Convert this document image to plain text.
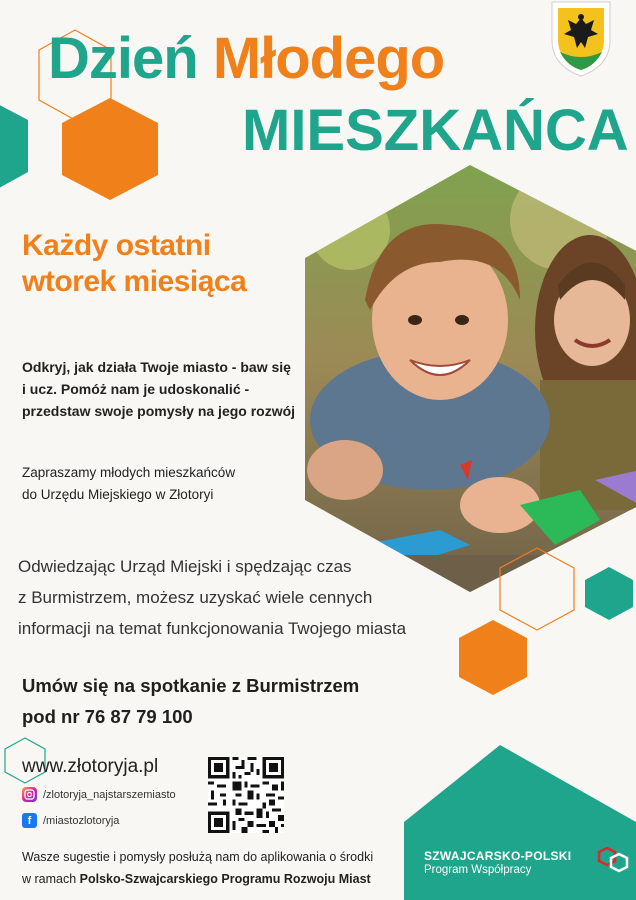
Dzień Młodego
MIESZKAŃCA
Każdy ostatni
wtorek miesiąca
Odkryj, jak działa Twoje miasto - baw się
i ucz. Pomóż nam je udoskonalić -
przedstaw swoje pomysły na jego rozwój
Zapraszamy młodych mieszkańców
do Urzędu Miejskiego w Złotoryi
Odwiedzając Urząd Miejski i spędzając czas
z Burmistrzem, możesz uzyskać wiele cennych
informacji na temat funkcjonowania Twojego miasta
Umów się na spotkanie z Burmistrzem
pod nr 76 87 79 100
www.złotoryja.pl
/zlotoryja_najstarszemiasto
f	/miastozlotoryja
Wasze sugestie i pomysły posłużą nam do aplikowania o środki
w ramach Polsko-Szwajcarskiego Programu Rozwoju Miast
SZWAJCARSKO-POLSKI
Program Współpracy
